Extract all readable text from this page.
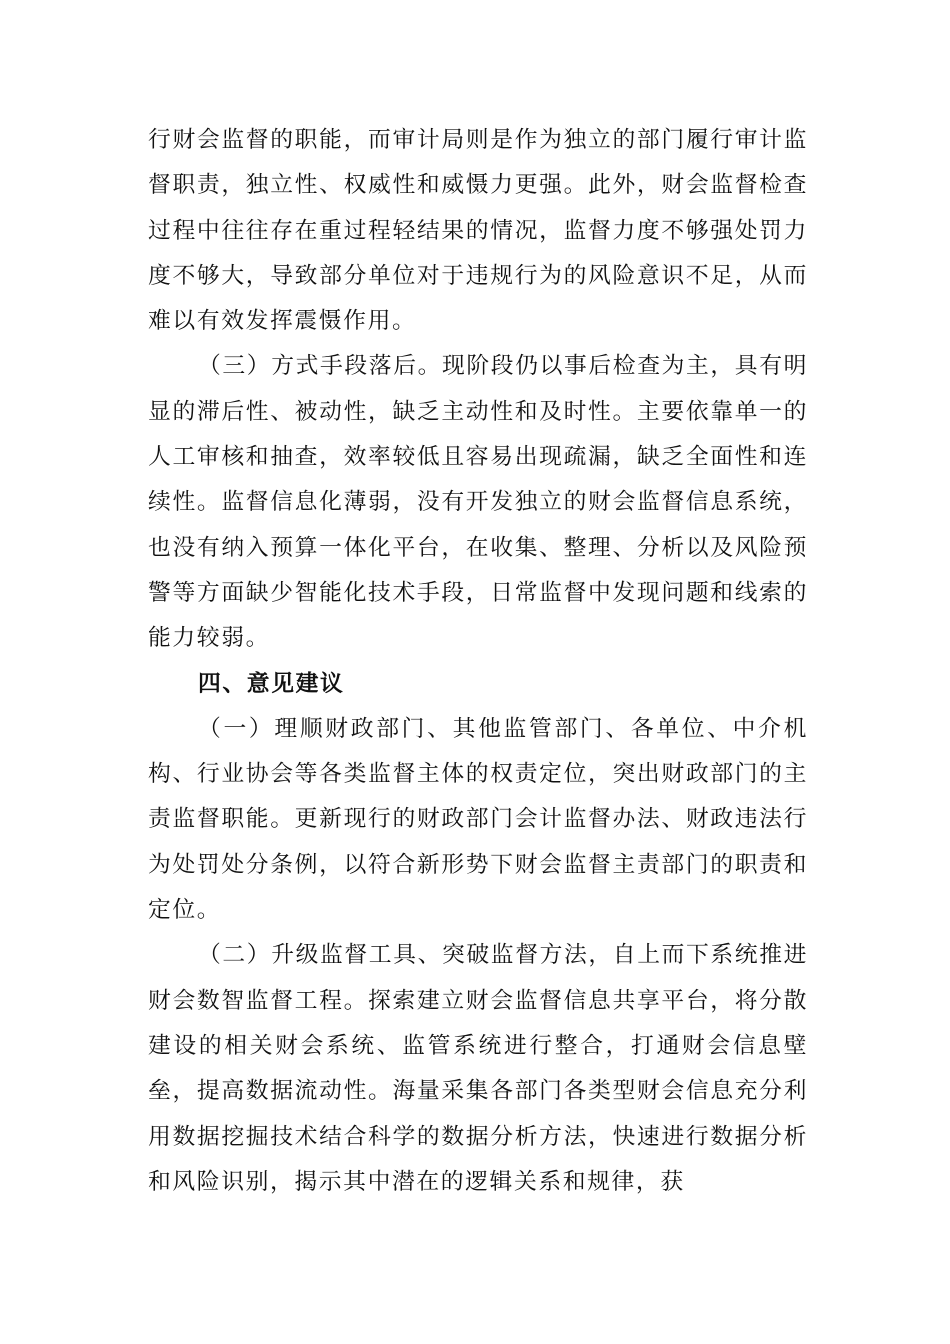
行财会监督的职能，而审计局则是作为独立的部门履行审计监督职责，独立性、权威性和威慑力更强。此外，财会监督检查过程中往往存在重过程轻结果的情况，监督力度不够强处罚力度不够大，导致部分单位对于违规行为的风险意识不足，从而难以有效发挥震慑作用。

（三）方式手段落后。现阶段仍以事后检查为主，具有明显的滞后性、被动性，缺乏主动性和及时性。主要依靠单一的人工审核和抽查，效率较低且容易出现疏漏，缺乏全面性和连续性。监督信息化薄弱，没有开发独立的财会监督信息系统，也没有纳入预算一体化平台，在收集、整理、分析以及风险预警等方面缺少智能化技术手段，日常监督中发现问题和线索的能力较弱。

四、意见建议

（一）理顺财政部门、其他监管部门、各单位、中介机构、行业协会等各类监督主体的权责定位，突出财政部门的主责监督职能。更新现行的财政部门会计监督办法、财政违法行为处罚处分条例，以符合新形势下财会监督主责部门的职责和定位。

（二）升级监督工具、突破监督方法，自上而下系统推进财会数智监督工程。探索建立财会监督信息共享平台，将分散建设的相关财会系统、监管系统进行整合，打通财会信息壁垒，提高数据流动性。海量采集各部门各类型财会信息充分利用数据挖掘技术结合科学的数据分析方法，快速进行数据分析和风险识别，揭示其中潜在的逻辑关系和规律，获
